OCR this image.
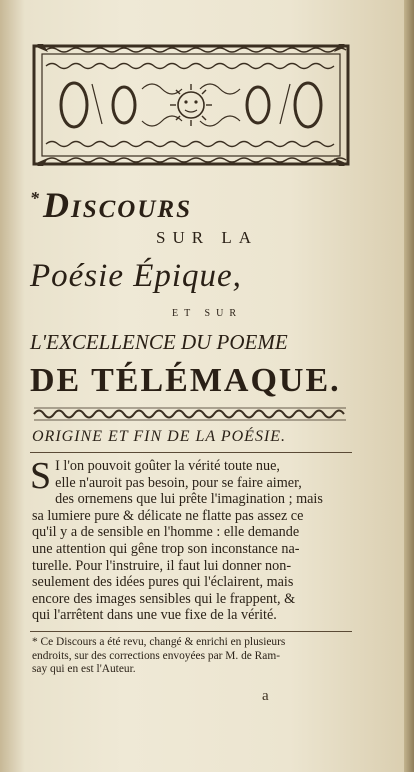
*Discours
SUR LA
Poésie Épique,
ET SUR
L'EXCELLENCE DU POEME
DE TÉLÉMAQUE.
ORIGINE ET FIN DE LA POÉSIE.
S I l'on pouvoit goûter la vérité toute nue,
elle n'auroit pas besoin, pour se faire aimer,
des ornemens que lui prête l'imagination ; mais
sa lumiere pure & délicate ne flatte pas assez ce
qu'il y a de sensible en l'homme : elle demande
une attention qui gêne trop son inconstance na-
turelle. Pour l'instruire, il faut lui donner non-
seulement des idées pures qui l'éclairent, mais
encore des images sensibles qui le frappent, &
qui l'arrêtent dans une vue fixe de la vérité.
* Ce Discours a été revu, changé & enrichi en plusieurs
endroits, sur des corrections envoyées par M. de Ram-
say qui en est l'Auteur.
a
